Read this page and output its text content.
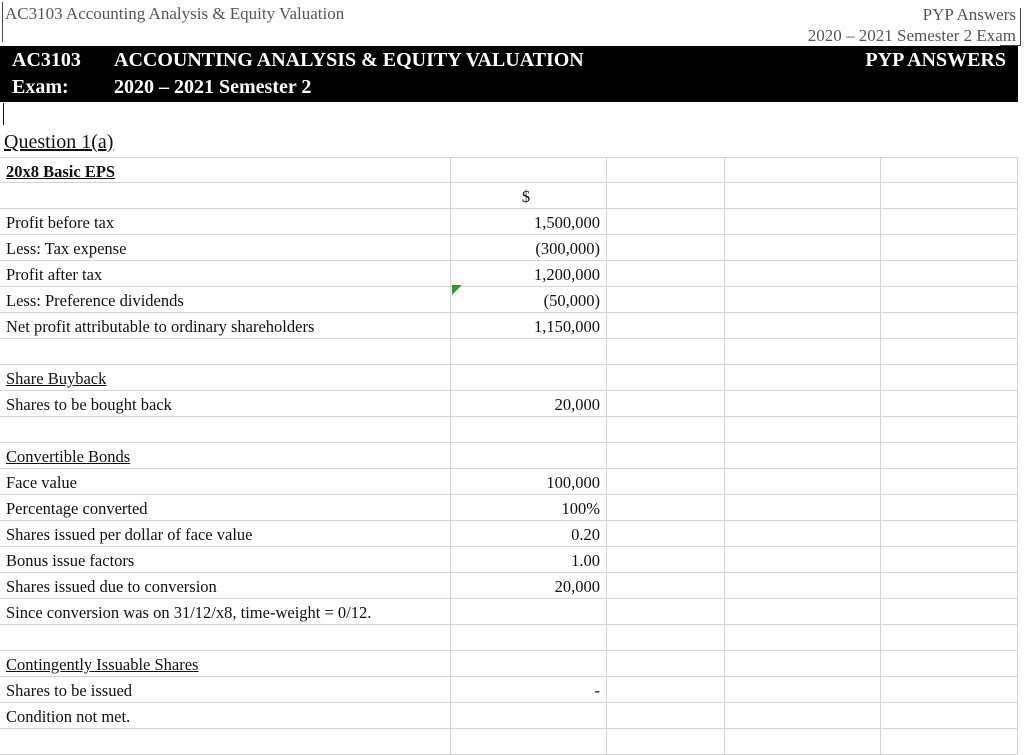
AC3103 Accounting Analysis & Equity Valuation	PYP Answers
2020 – 2021 Semester 2 Exam
AC3103 ACCOUNTING ANALYSIS & EQUITY VALUATION	PYP ANSWERS
Exam: 2020 – 2021 Semester 2
Question 1(a)
20x8 Basic EPS
$
Profit before tax	1,500,000
Less: Tax expense	(300,000)
Profit after tax	1,200,000
Less: Preference dividends	(50,000)
Net profit attributable to ordinary shareholders	1,150,000
Share Buyback
Shares to be bought back	20,000
Convertible Bonds
Face value	100,000
Percentage converted	100%
Shares issued per dollar of face value	0.20
Bonus issue factors	1.00
Shares issued due to conversion	20,000
Since conversion was on 31/12/x8, time-weight = 0/12.
Contingently Issuable Shares
Shares to be issued	-
Condition not met.
